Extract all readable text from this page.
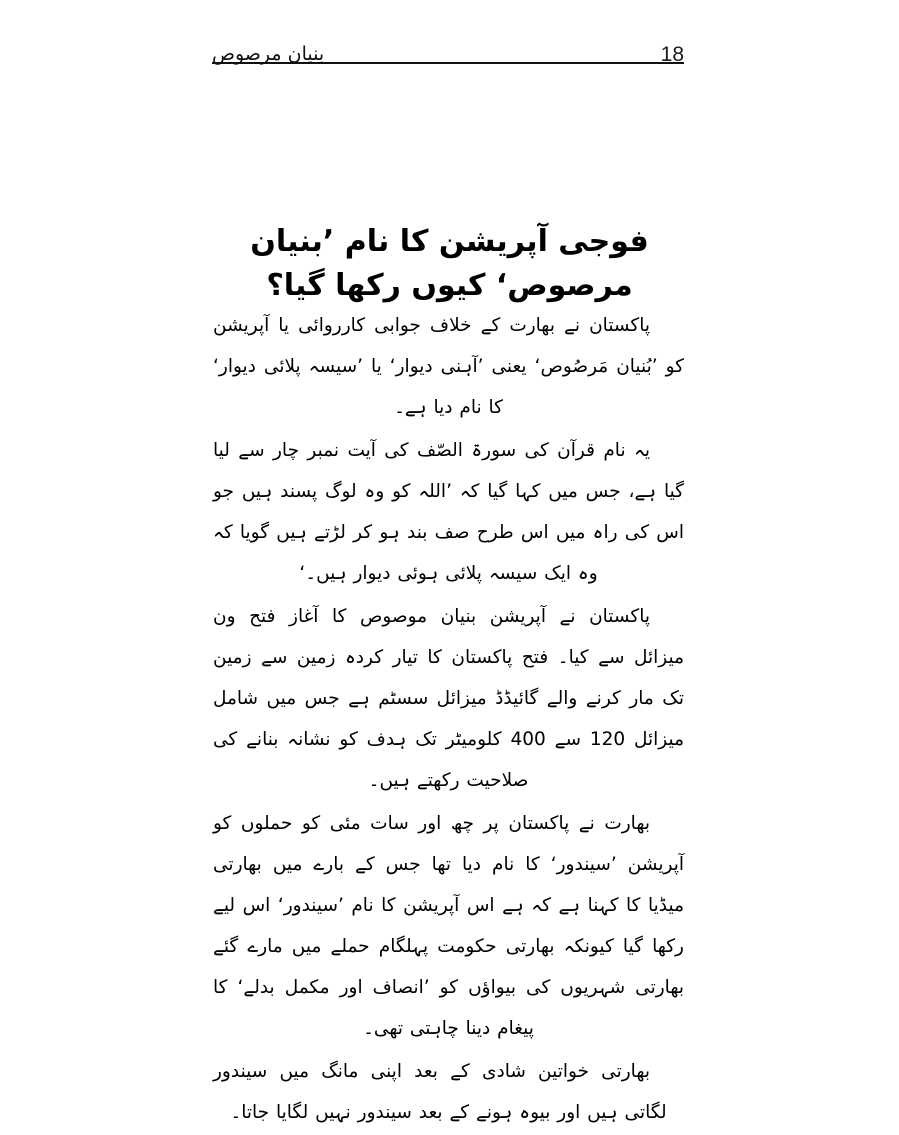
بنیان مرصوص	18
فوجی آپریشن کا نام ’بنیان مرصوص‘ کیوں رکھا گیا؟

پاکستان نے بھارت کے خلاف جوابی کارروائی یا آپریشن کو ’بُنیان مَرصُوص‘ یعنی ’آہنی دیوار‘ یا ’سیسہ پلائی دیوار‘ کا نام دیا ہے۔

یہ نام قرآن کی سورۃ الصّف کی آیت نمبر چار سے لیا گیا ہے، جس میں کہا گیا کہ ’اللہ کو وہ لوگ پسند ہیں جو اس کی راہ میں اس طرح صف بند ہو کر لڑتے ہیں گویا کہ وہ ایک سیسہ پلائی ہوئی دیوار ہیں۔‘

پاکستان نے آپریشن بنیان موصوص کا آغاز فتح ون میزائل سے کیا۔ فتح پاکستان کا تیار کردہ زمین سے زمین تک مار کرنے والے گائیڈڈ میزائل سسٹم ہے جس میں شامل میزائل 120 سے 400 کلومیٹر تک ہدف کو نشانہ بنانے کی صلاحیت رکھتے ہیں۔

بھارت نے پاکستان پر چھ اور سات مئی کو حملوں کو آپریشن ’سیندور‘ کا نام دیا تھا جس کے بارے میں بھارتی میڈیا کا کہنا ہے کہ ہے اس آپریشن کا نام ’سیندور‘ اس لیے رکھا گیا کیونکہ بھارتی حکومت پہلگام حملے میں مارے گئے بھارتی شہریوں کی بیواؤں کو ’انصاف اور مکمل بدلے‘ کا پیغام دینا چاہتی تھی۔

بھارتی خواتین شادی کے بعد اپنی مانگ میں سیندور لگاتی ہیں اور بیوہ ہونے کے بعد سیندور نہیں لگایا جاتا۔
